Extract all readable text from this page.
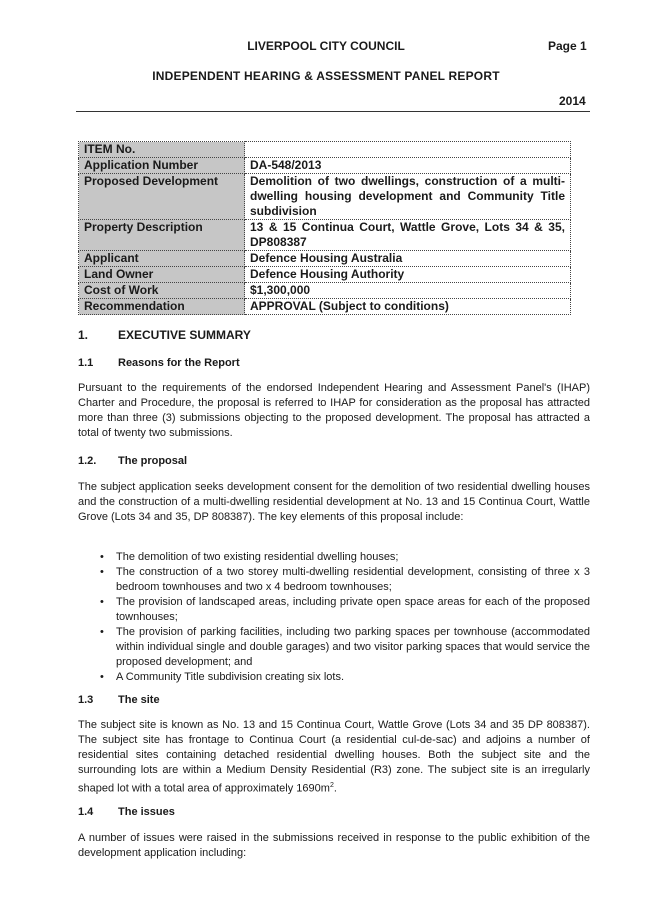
LIVERPOOL CITY COUNCIL	Page 1
INDEPENDENT HEARING & ASSESSMENT PANEL REPORT
2014
ITEM No.	
Application Number	DA-548/2013
Proposed Development	Demolition of two dwellings, construction of a multi-dwelling housing development and Community Title subdivision
Property Description	13 & 15 Continua Court, Wattle Grove, Lots 34 & 35, DP808387
Applicant	Defence Housing Australia
Land Owner	Defence Housing Authority
Cost of Work	$1,300,000
Recommendation	APPROVAL (Subject to conditions)
1. EXECUTIVE SUMMARY
1.1 Reasons for the Report

Pursuant to the requirements of the endorsed Independent Hearing and Assessment Panel's (IHAP) Charter and Procedure, the proposal is referred to IHAP for consideration as the proposal has attracted more than three (3) submissions objecting to the proposed development. The proposal has attracted a total of twenty two submissions.

1.2. The proposal

The subject application seeks development consent for the demolition of two residential dwelling houses and the construction of a multi-dwelling residential development at No. 13 and 15 Continua Court, Wattle Grove (Lots 34 and 35, DP 808387). The key elements of this proposal include:

• The demolition of two existing residential dwelling houses;
• The construction of a two storey multi-dwelling residential development, consisting of three x 3 bedroom townhouses and two x 4 bedroom townhouses;
• The provision of landscaped areas, including private open space areas for each of the proposed townhouses;
• The provision of parking facilities, including two parking spaces per townhouse (accommodated within individual single and double garages) and two visitor parking spaces that would service the proposed development; and
• A Community Title subdivision creating six lots.
1.3 The site

The subject site is known as No. 13 and 15 Continua Court, Wattle Grove (Lots 34 and 35 DP 808387). The subject site has frontage to Continua Court (a residential cul-de-sac) and adjoins a number of residential sites containing detached residential dwelling houses. Both the subject site and the surrounding lots are within a Medium Density Residential (R3) zone. The subject site is an irregularly shaped lot with a total area of approximately $1690m^2$.

1.4 The issues

A number of issues were raised in the submissions received in response to the public exhibition of the development application including:
